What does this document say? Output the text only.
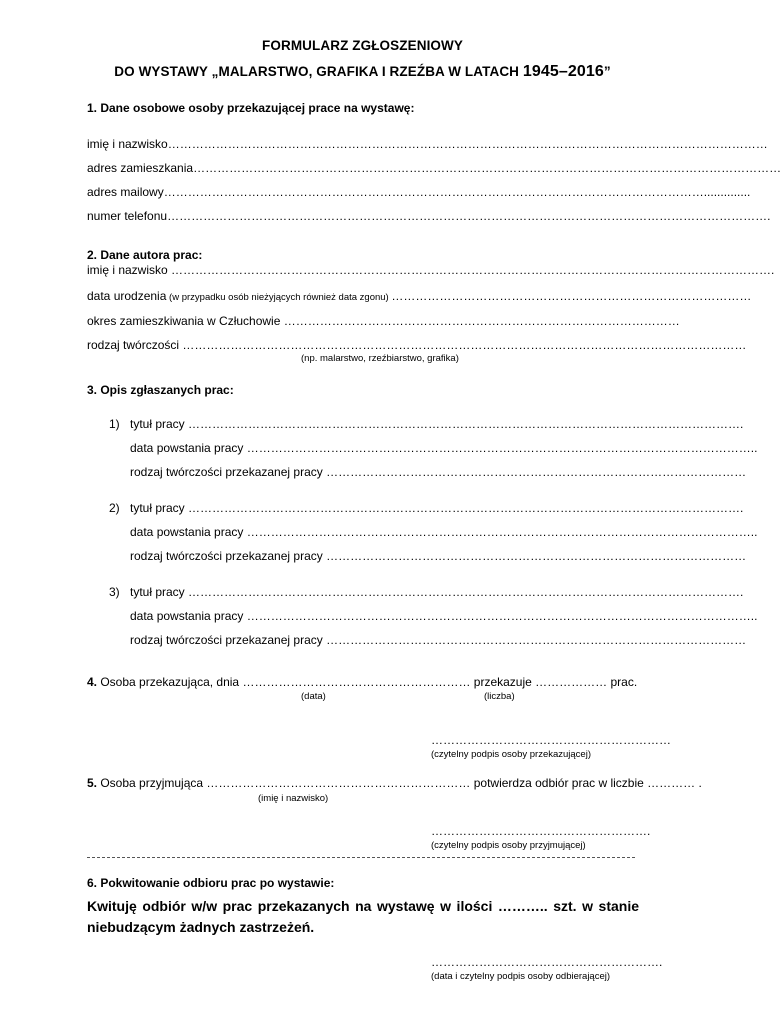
FORMULARZ ZGŁOSZENIOWY
DO WYSTAWY „MALARSTWO, GRAFIKA I RZEŹBA W LATACH 1945–2016”
1. Dane osobowe osoby przekazującej prace na wystawę:
imię i nazwisko……………………………………………………………………………………………………………………………………
adres zamieszkania…………………………………………………………………………………………………………………………………
adres mailowy………………………………………………………………………………………………………………………..............
numer telefonu…………………………………………………………………………………………………………………………………….
2. Dane autora prac:
imię i nazwisko …………………………………………………………………………………………………………………………………….
data urodzenia (w przypadku osób nieżyjących również data zgonu) ………………………………………………………………………………
okres zamieszkiwania w Człuchowie ………………………………………………………………………………………
rodzaj twórczości ……………………………………………………………………………………………………………………………
(np. malarstwo, rzeźbiarstwo, grafika)
3. Opis zgłaszanych prac:
1) tytuł pracy ………………………………………………………………………………………………………………………….
data powstania pracy ………………………………………………………………………………………………………………..
rodzaj twórczości przekazanej pracy ……………………………………………………………………………………………
2) tytuł pracy ………………………………………………………………………………………………………………………….
data powstania pracy ………………………………………………………………………………………………………………..
rodzaj twórczości przekazanej pracy ……………………………………………………………………………………………
3) tytuł pracy ………………………………………………………………………………………………………………………….
data powstania pracy ………………………………………………………………………………………………………………..
rodzaj twórczości przekazanej pracy ……………………………………………………………………………………………
4. Osoba przekazująca, dnia ………………………………………………… przekazuje ……………… prac.
(data)	(liczba)
……………………………………………………
(czytelny podpis osoby przekazującej)
5. Osoba przyjmująca ………………………………………………………… potwierdza odbiór prac w liczbie ………… .
(imię i nazwisko)
……………………………………………….
(czytelny podpis osoby przyjmującej)
6. Pokwitowanie odbioru prac po wystawie:
Kwituję odbiór w/w prac przekazanych na wystawę w ilości ……….. szt. w stanie niebudzącym żadnych zastrzeżeń.
………………………………………………….
(data i czytelny podpis osoby odbierającej)
